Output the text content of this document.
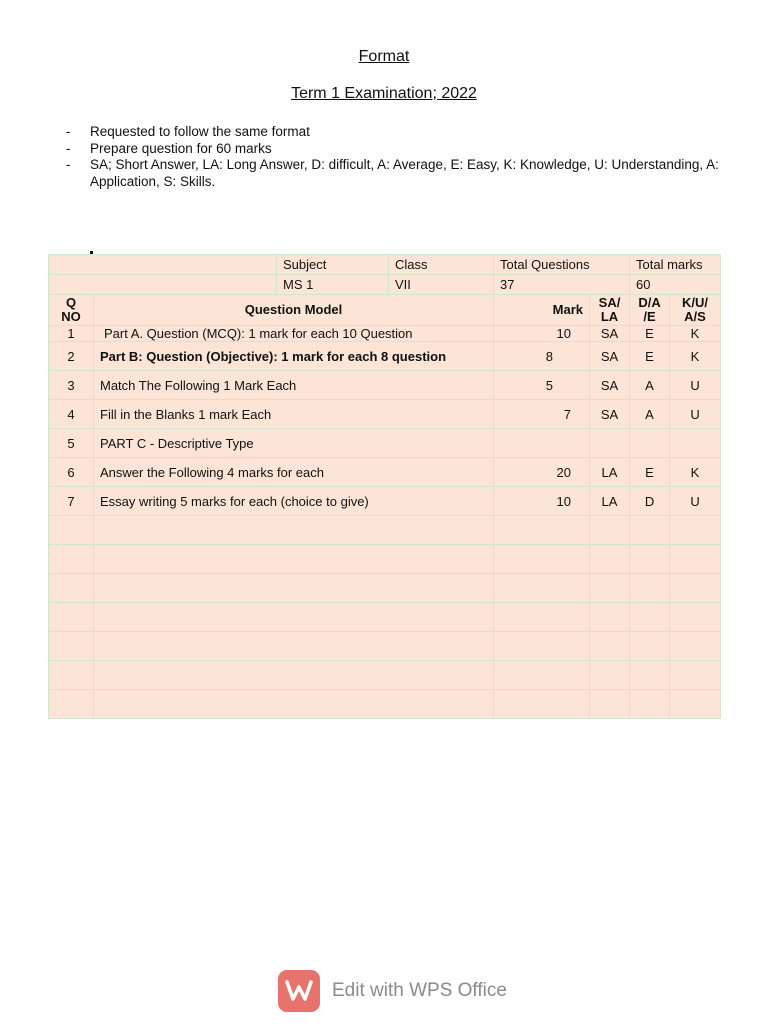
Format
Term 1 Examination; 2022
-	Requested to follow the same format
-	Prepare question for 60 marks
-	SA; Short Answer, LA: Long Answer, D: difficult, A: Average, E: Easy, K: Knowledge, U: Understanding, A: Application, S: Skills.
		Subject	Class	Total Questions		Total marks	
		MS 1	VII	37		60	
Q NO	Question Model			Mark	SA/ LA	D/A /E	K/U/ A/S
1	Part A. Question (MCQ): 1 mark for each 10 Question			10	SA	E	K
2	Part B: Question (Objective): 1 mark for each 8 question			8	SA	E	K
3	Match The Following 1 Mark Each			5	SA	A	U
4	Fill in the Blanks 1 mark Each			7	SA	A	U
5	PART C - Descriptive Type						
6	Answer the Following 4 marks for each			20	LA	E	K
7	Essay writing 5 marks for each (choice to give)			10	LA	D	U

Edit with WPS Office
